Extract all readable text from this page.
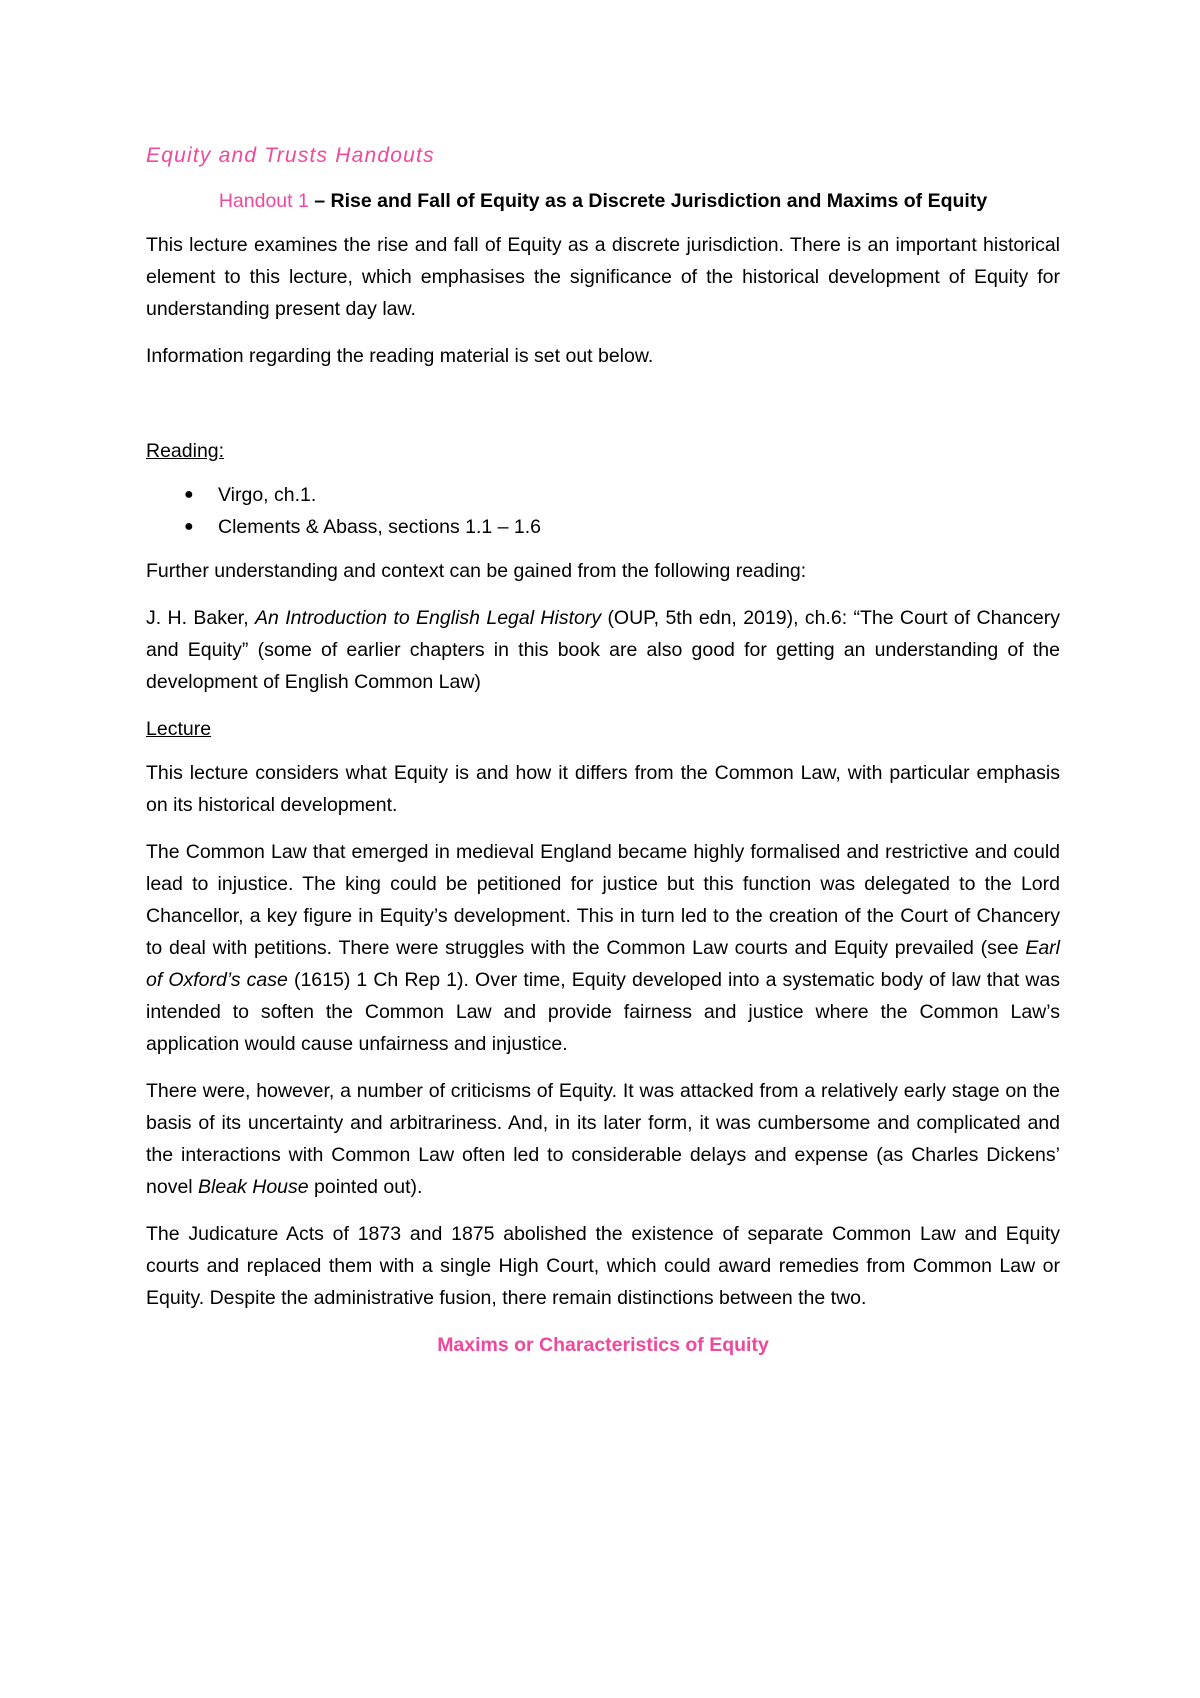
Equity and Trusts Handouts
Handout 1 – Rise and Fall of Equity as a Discrete Jurisdiction and Maxims of Equity

This lecture examines the rise and fall of Equity as a discrete jurisdiction. There is an important historical element to this lecture, which emphasises the significance of the historical development of Equity for understanding present day law.

Information regarding the reading material is set out below.

Reading:
● Virgo, ch.1.
● Clements & Abass, sections 1.1 – 1.6

Further understanding and context can be gained from the following reading:

J. H. Baker, An Introduction to English Legal History (OUP, 5th edn, 2019), ch.6: “The Court of Chancery and Equity” (some of earlier chapters in this book are also good for getting an understanding of the development of English Common Law)

Lecture

This lecture considers what Equity is and how it differs from the Common Law, with particular emphasis on its historical development.

The Common Law that emerged in medieval England became highly formalised and restrictive and could lead to injustice. The king could be petitioned for justice but this function was delegated to the Lord Chancellor, a key figure in Equity’s development. This in turn led to the creation of the Court of Chancery to deal with petitions. There were struggles with the Common Law courts and Equity prevailed (see Earl of Oxford’s case (1615) 1 Ch Rep 1). Over time, Equity developed into a systematic body of law that was intended to soften the Common Law and provide fairness and justice where the Common Law’s application would cause unfairness and injustice.

There were, however, a number of criticisms of Equity. It was attacked from a relatively early stage on the basis of its uncertainty and arbitrariness. And, in its later form, it was cumbersome and complicated and the interactions with Common Law often led to considerable delays and expense (as Charles Dickens’ novel Bleak House pointed out).

The Judicature Acts of 1873 and 1875 abolished the existence of separate Common Law and Equity courts and replaced them with a single High Court, which could award remedies from Common Law or Equity. Despite the administrative fusion, there remain distinctions between the two.

Maxims or Characteristics of Equity
